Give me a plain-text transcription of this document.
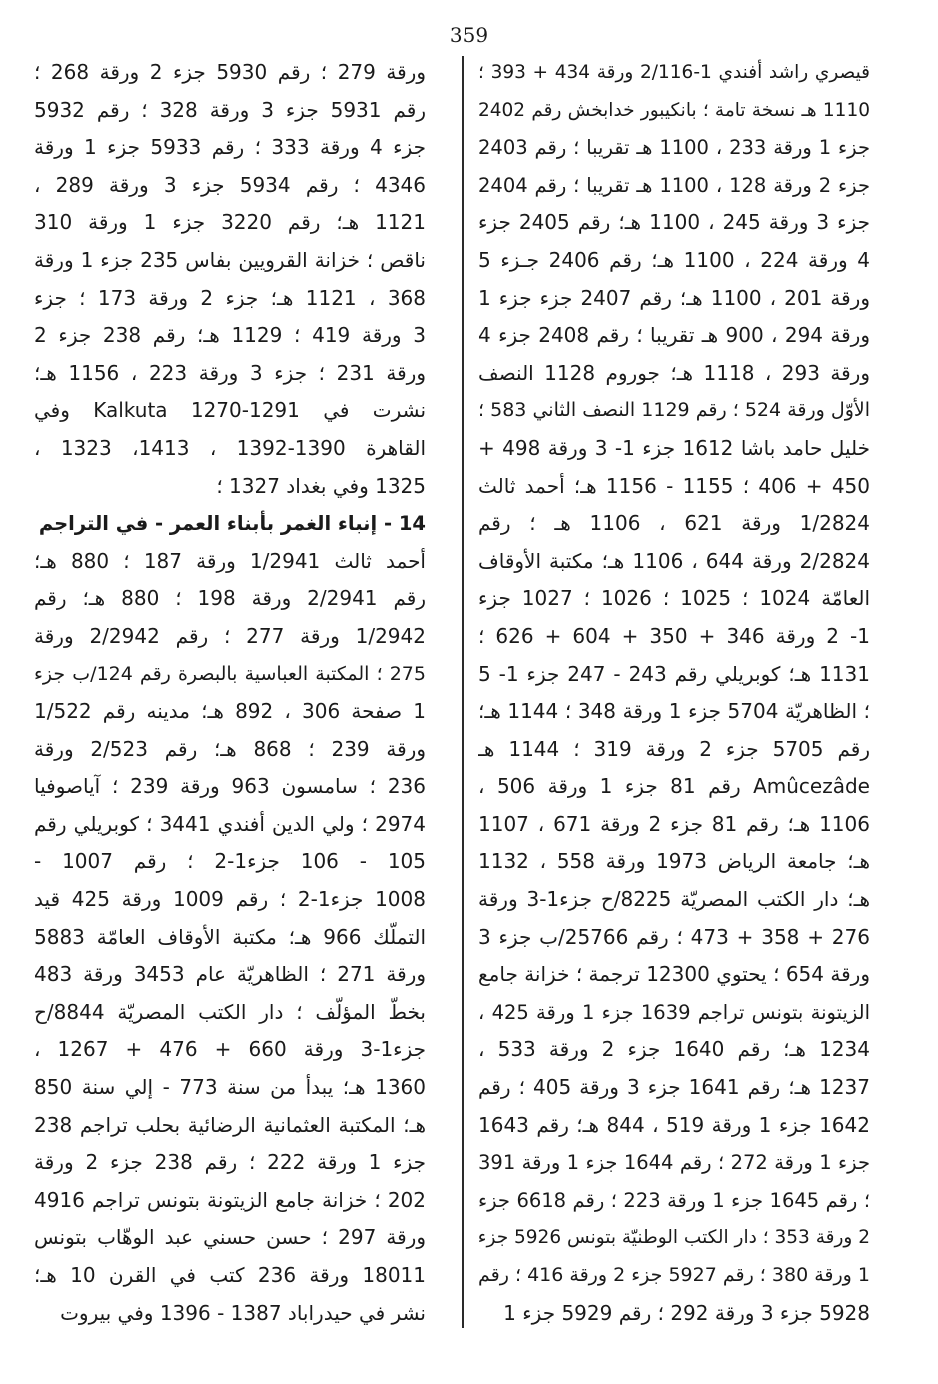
359
قيصري راشد أفندي 1-2/116 ورقة 434 + 393 ؛
1110 هـ نسخة تامة ؛ بانكيبور خدابخش رقم 2402
جزء 1 ورقة 233 ، 1100 هـ تقريبا ؛ رقم 2403
جزء 2 ورقة 128 ، 1100 هـ تقريبا ؛ رقم 2404
جزء 3 ورقة 245 ، 1100 هـ؛ رقم 2405 جزء
4 ورقة 224 ، 1100 هـ؛ رقم 2406 جـزء 5
ورقة 201 ، 1100 هـ؛ رقم 2407 جزء جزء 1
ورقة 294 ، 900 هـ تقريبا ؛ رقم 2408 جزء 4
ورقة 293 ، 1118 هـ؛ جوروم 1128 النصف
الأوّل ورقة 524 ؛ رقم 1129 النصف الثاني 583 ؛
خليل حامد باشا 1612 جزء 1- 3 ورقة 498 +
450 + 406 ؛ 1155 - 1156 هـ؛ أحمد ثالث
1/2824 ورقة 621 ، 1106 هـ ؛ رقم
2/2824 ورقة 644 ، 1106 هـ؛ مكتبة الأوقاف
العامّة 1024 ؛ 1025 ؛ 1026 ؛ 1027 جزء
1- 2 ورقة 346 + 350 + 604 + 626 ؛
1131 هـ؛ كوبريلي رقم 243 - 247 جزء 1- 5
؛ الظاهريّة 5704 جزء 1 ورقة 348 ؛ 1144 هـ؛
رقم 5705 جزء 2 ورقة 319 ؛ 1144 هـ
Amûcezâde رقم 81 جزء 1 ورقة 506 ،
1106 هـ؛ رقم 81 جزء 2 ورقة 671 ، 1107
هـ؛ جامعة الرياض 1973 ورقة 558 ، 1132
هـ؛ دار الكتب المصريّة 8225/ح جزء1-3 ورقة
276 + 358 + 473 ؛ رقم 25766/ب جزء 3
ورقة 654 ؛ يحتوي 12300 ترجمة ؛ خزانة جامع
الزيتونة بتونس تراجم 1639 جزء 1 ورقة 425 ،
1234 هـ؛ رقم 1640 جزء 2 ورقة 533 ،
1237 هـ؛ رقم 1641 جزء 3 ورقة 405 ؛ رقم
1642 جزء 1 ورقة 519 ، 844 هـ؛ رقم 1643
جزء 1 ورقة 272 ؛ رقم 1644 جزء 1 ورقة 391
؛ رقم 1645 جزء 1 ورقة 223 ؛ رقم 6618 جزء
2 ورقة 353 ؛ دار الكتب الوطنيّة بتونس 5926 جزء
1 ورقة 380 ؛ رقم 5927 جزء 2 ورقة 416 ؛ رقم
5928 جزء 3 ورقة 292 ؛ رقم 5929 جزء 1
ورقة 279 ؛ رقم 5930 جزء 2 ورقة 268 ؛
رقم 5931 جزء 3 ورقة 328 ؛ رقم 5932
جزء 4 ورقة 333 ؛ رقم 5933 جزء 1 ورقة
4346 ؛ رقم 5934 جزء 3 ورقة 289 ،
1121 هـ؛ رقم 3220 جزء 1 ورقة 310
ناقص ؛ خزانة القرويين بفاس 235 جزء 1 ورقة
368 ، 1121 هـ؛ جزء 2 ورقة 173 ؛ جزء
3 ورقة 419 ؛ 1129 هـ؛ رقم 238 جزء 2
ورقة 231 ؛ جزء 3 ورقة 223 ، 1156 هـ؛
نشرت في Kalkuta 1270-1291 وفي
القاهرة 1390-1392 ، 1413، 1323 ،
1325 وفي بغداد 1327 ؛
14 - إنباء الغمر بأبناء العمر - في التراجم
أحمد ثالث 1/2941 ورقة 187 ؛ 880 هـ؛
رقم 2/2941 ورقة 198 ؛ 880 هـ؛ رقم
1/2942 ورقة 277 ؛ رقم 2/2942 ورقة
275 ؛ المكتبة العباسية بالبصرة رقم 124/ب جزء
1 صفحة 306 ، 892 هـ؛ مدينه رقم 1/522
ورقة 239 ؛ 868 هـ؛ رقم 2/523 ورقة
236 ؛ سامسون 963 ورقة 239 ؛ آياصوفيا
2974 ؛ ولي الدين أفندي 3441 ؛ كوبريلي رقم
105 - 106 جزء1-2 ؛ رقم 1007 -
1008 جزء1-2 ؛ رقم 1009 ورقة 425 قيد
التملّك 966 هـ؛ مكتبة الأوقاف العامّة 5883
ورقة 271 ؛ الظاهريّة عام 3453 ورقة 483
بخطّ المؤلّف ؛ دار الكتب المصريّة 8844/ح
جزء1-3 ورقة 660 + 476 + 1267 ،
1360 هـ؛ يبدأ من سنة 773 - إلي سنة 850
هـ؛ المكتبة العثمانية الرضائية بحلب تراجم 238
جزء 1 ورقة 222 ؛ رقم 238 جزء 2 ورقة
202 ؛ خزانة جامع الزيتونة بتونس تراجم 4916
ورقة 297 ؛ حسن حسني عبد الوهّاب بتونس
18011 ورقة 236 كتب في القرن 10 هـ؛
نشر في حيدراباد 1387 - 1396 وفي بيروت
